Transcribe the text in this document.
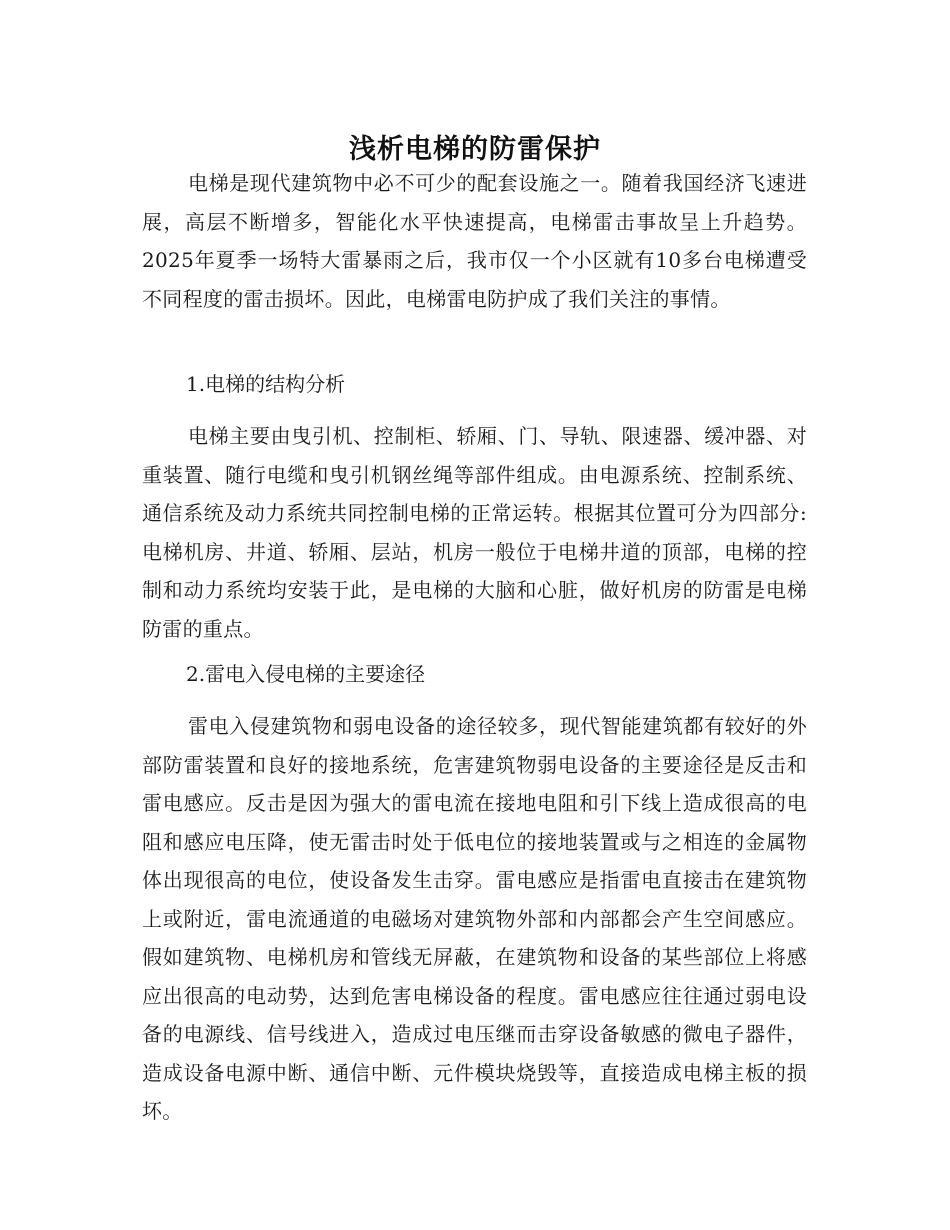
浅析电梯的防雷保护

电梯是现代建筑物中必不可少的配套设施之一。随着我国经济飞速进展，高层不断增多，智能化水平快速提高，电梯雷击事故呈上升趋势。2025年夏季一场特大雷暴雨之后，我市仅一个小区就有10多台电梯遭受不同程度的雷击损坏。因此，电梯雷电防护成了我们关注的事情。

1.电梯的结构分析

电梯主要由曳引机、控制柜、轿厢、门、导轨、限速器、缓冲器、对重装置、随行电缆和曳引机钢丝绳等部件组成。由电源系统、控制系统、通信系统及动力系统共同控制电梯的正常运转。根据其位置可分为四部分:电梯机房、井道、轿厢、层站，机房一般位于电梯井道的顶部，电梯的控制和动力系统均安装于此，是电梯的大脑和心脏，做好机房的防雷是电梯防雷的重点。

2.雷电入侵电梯的主要途径

雷电入侵建筑物和弱电设备的途径较多，现代智能建筑都有较好的外部防雷装置和良好的接地系统，危害建筑物弱电设备的主要途径是反击和雷电感应。反击是因为强大的雷电流在接地电阻和引下线上造成很高的电阻和感应电压降，使无雷击时处于低电位的接地装置或与之相连的金属物体出现很高的电位，使设备发生击穿。雷电感应是指雷电直接击在建筑物上或附近，雷电流通道的电磁场对建筑物外部和内部都会产生空间感应。假如建筑物、电梯机房和管线无屏蔽，在建筑物和设备的某些部位上将感应出很高的电动势，达到危害电梯设备的程度。雷电感应往往通过弱电设备的电源线、信号线进入，造成过电压继而击穿设备敏感的微电子器件，造成设备电源中断、通信中断、元件模块烧毁等，直接造成电梯主板的损坏。
